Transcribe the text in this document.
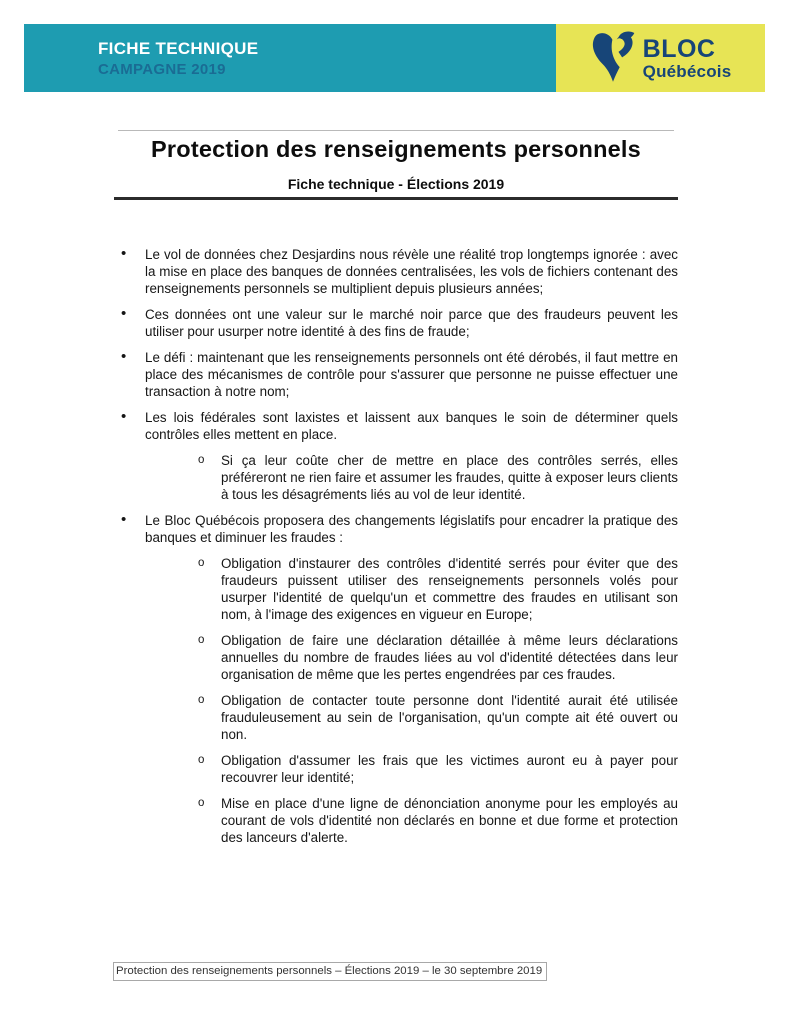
FICHE TECHNIQUE
CAMPAGNE 2019
BLOC
Québécois
Protection des renseignements personnels
Fiche technique - Élections 2019
• Le vol de données chez Desjardins nous révèle une réalité trop longtemps ignorée : avec la mise en place des banques de données centralisées, les vols de fichiers contenant des renseignements personnels se multiplient depuis plusieurs années;
• Ces données ont une valeur sur le marché noir parce que des fraudeurs peuvent les utiliser pour usurper notre identité à des fins de fraude;
• Le défi : maintenant que les renseignements personnels ont été dérobés, il faut mettre en place des mécanismes de contrôle pour s'assurer que personne ne puisse effectuer une transaction à notre nom;
• Les lois fédérales sont laxistes et laissent aux banques le soin de déterminer quels contrôles elles mettent en place.
o Si ça leur coûte cher de mettre en place des contrôles serrés, elles préféreront ne rien faire et assumer les fraudes, quitte à exposer leurs clients à tous les désagréments liés au vol de leur identité.
• Le Bloc Québécois proposera des changements législatifs pour encadrer la pratique des banques et diminuer les fraudes :
o Obligation d'instaurer des contrôles d'identité serrés pour éviter que des fraudeurs puissent utiliser des renseignements personnels volés pour usurper l'identité de quelqu'un et commettre des fraudes en utilisant son nom, à l'image des exigences en vigueur en Europe;
o Obligation de faire une déclaration détaillée à même leurs déclarations annuelles du nombre de fraudes liées au vol d'identité détectées dans leur organisation de même que les pertes engendrées par ces fraudes.
o Obligation de contacter toute personne dont l'identité aurait été utilisée frauduleusement au sein de l'organisation, qu'un compte ait été ouvert ou non.
o Obligation d'assumer les frais que les victimes auront eu à payer pour recouvrer leur identité;
o Mise en place d'une ligne de dénonciation anonyme pour les employés au courant de vols d'identité non déclarés en bonne et due forme et protection des lanceurs d'alerte.
Protection des renseignements personnels – Élections 2019 – le 30 septembre 2019
